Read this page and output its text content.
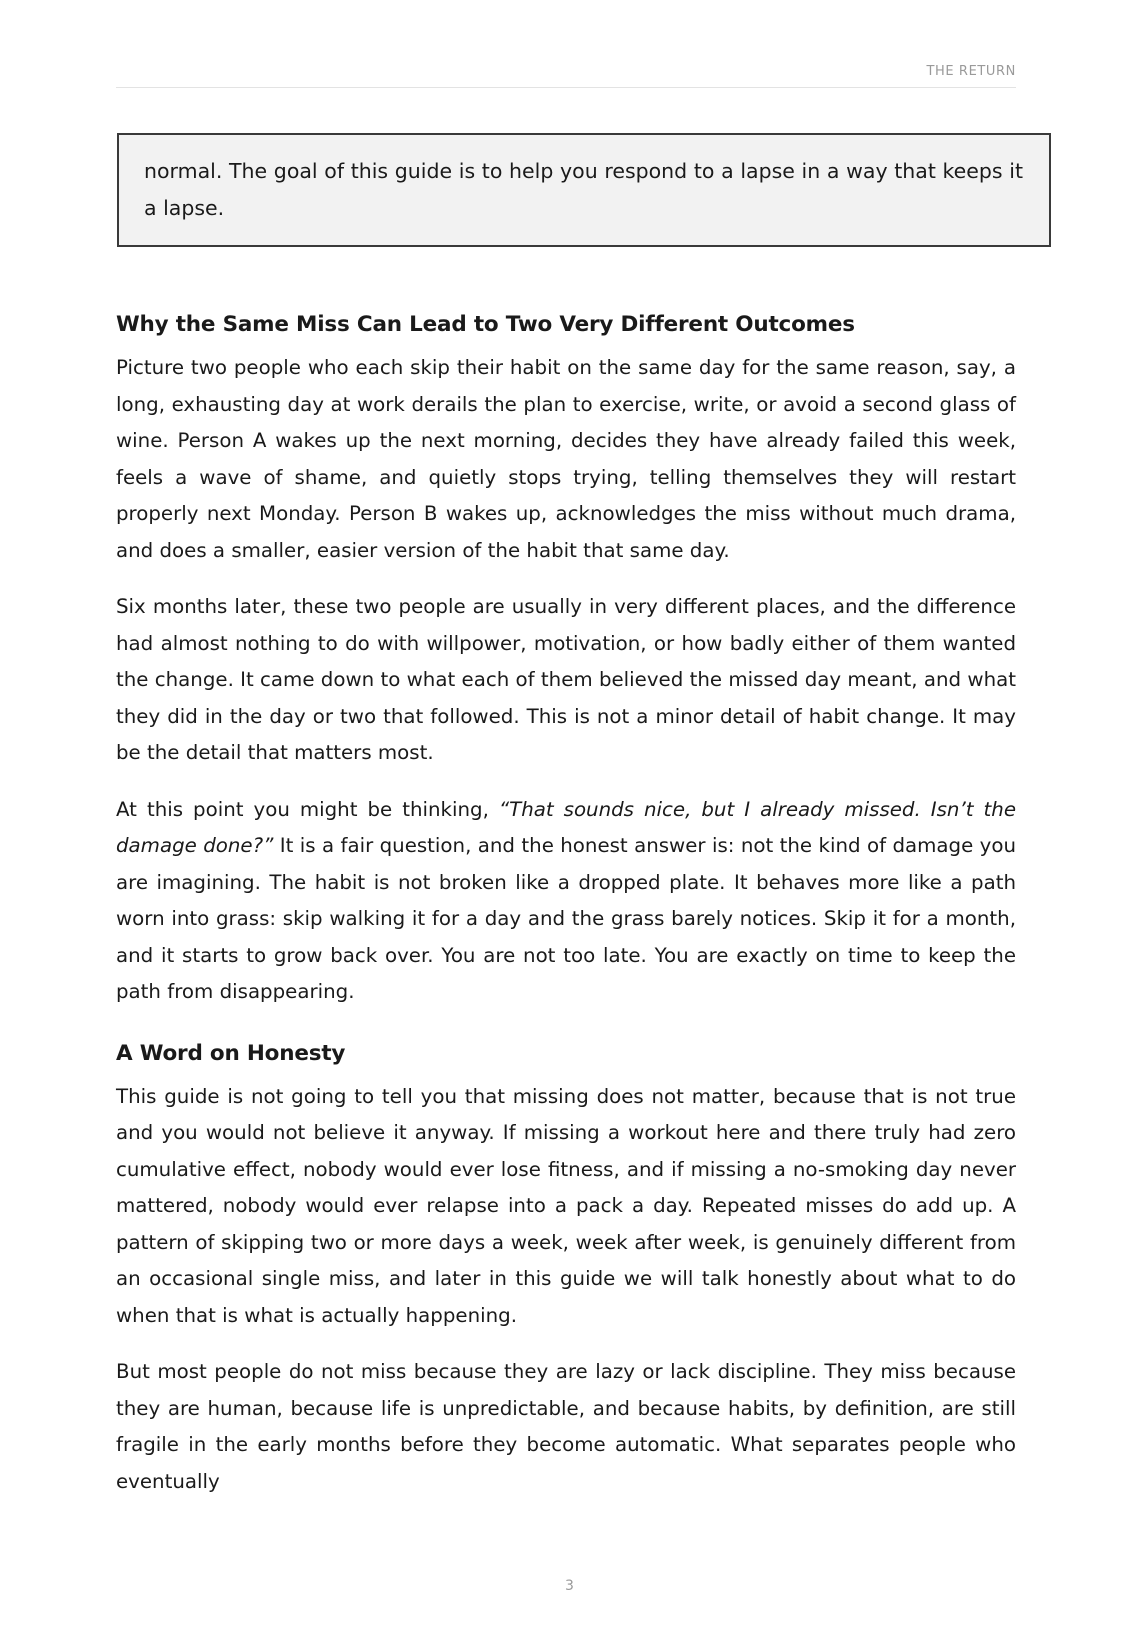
THE RETURN
normal. The goal of this guide is to help you respond to a lapse in a way that keeps it a lapse.
Why the Same Miss Can Lead to Two Very Different Outcomes

Picture two people who each skip their habit on the same day for the same reason, say, a long, exhausting day at work derails the plan to exercise, write, or avoid a second glass of wine. Person A wakes up the next morning, decides they have already failed this week, feels a wave of shame, and quietly stops trying, telling themselves they will restart properly next Monday. Person B wakes up, acknowledges the miss without much drama, and does a smaller, easier version of the habit that same day.

Six months later, these two people are usually in very different places, and the difference had almost nothing to do with willpower, motivation, or how badly either of them wanted the change. It came down to what each of them believed the missed day meant, and what they did in the day or two that followed. This is not a minor detail of habit change. It may be the detail that matters most.

At this point you might be thinking, “That sounds nice, but I already missed. Isn’t the damage done?” It is a fair question, and the honest answer is: not the kind of damage you are imagining. The habit is not broken like a dropped plate. It behaves more like a path worn into grass: skip walking it for a day and the grass barely notices. Skip it for a month, and it starts to grow back over. You are not too late. You are exactly on time to keep the path from disappearing.

A Word on Honesty

This guide is not going to tell you that missing does not matter, because that is not true and you would not believe it anyway. If missing a workout here and there truly had zero cumulative effect, nobody would ever lose fitness, and if missing a no-smoking day never mattered, nobody would ever relapse into a pack a day. Repeated misses do add up. A pattern of skipping two or more days a week, week after week, is genuinely different from an occasional single miss, and later in this guide we will talk honestly about what to do when that is what is actually happening.

But most people do not miss because they are lazy or lack discipline. They miss because they are human, because life is unpredictable, and because habits, by definition, are still fragile in the early months before they become automatic. What separates people who eventually

3
